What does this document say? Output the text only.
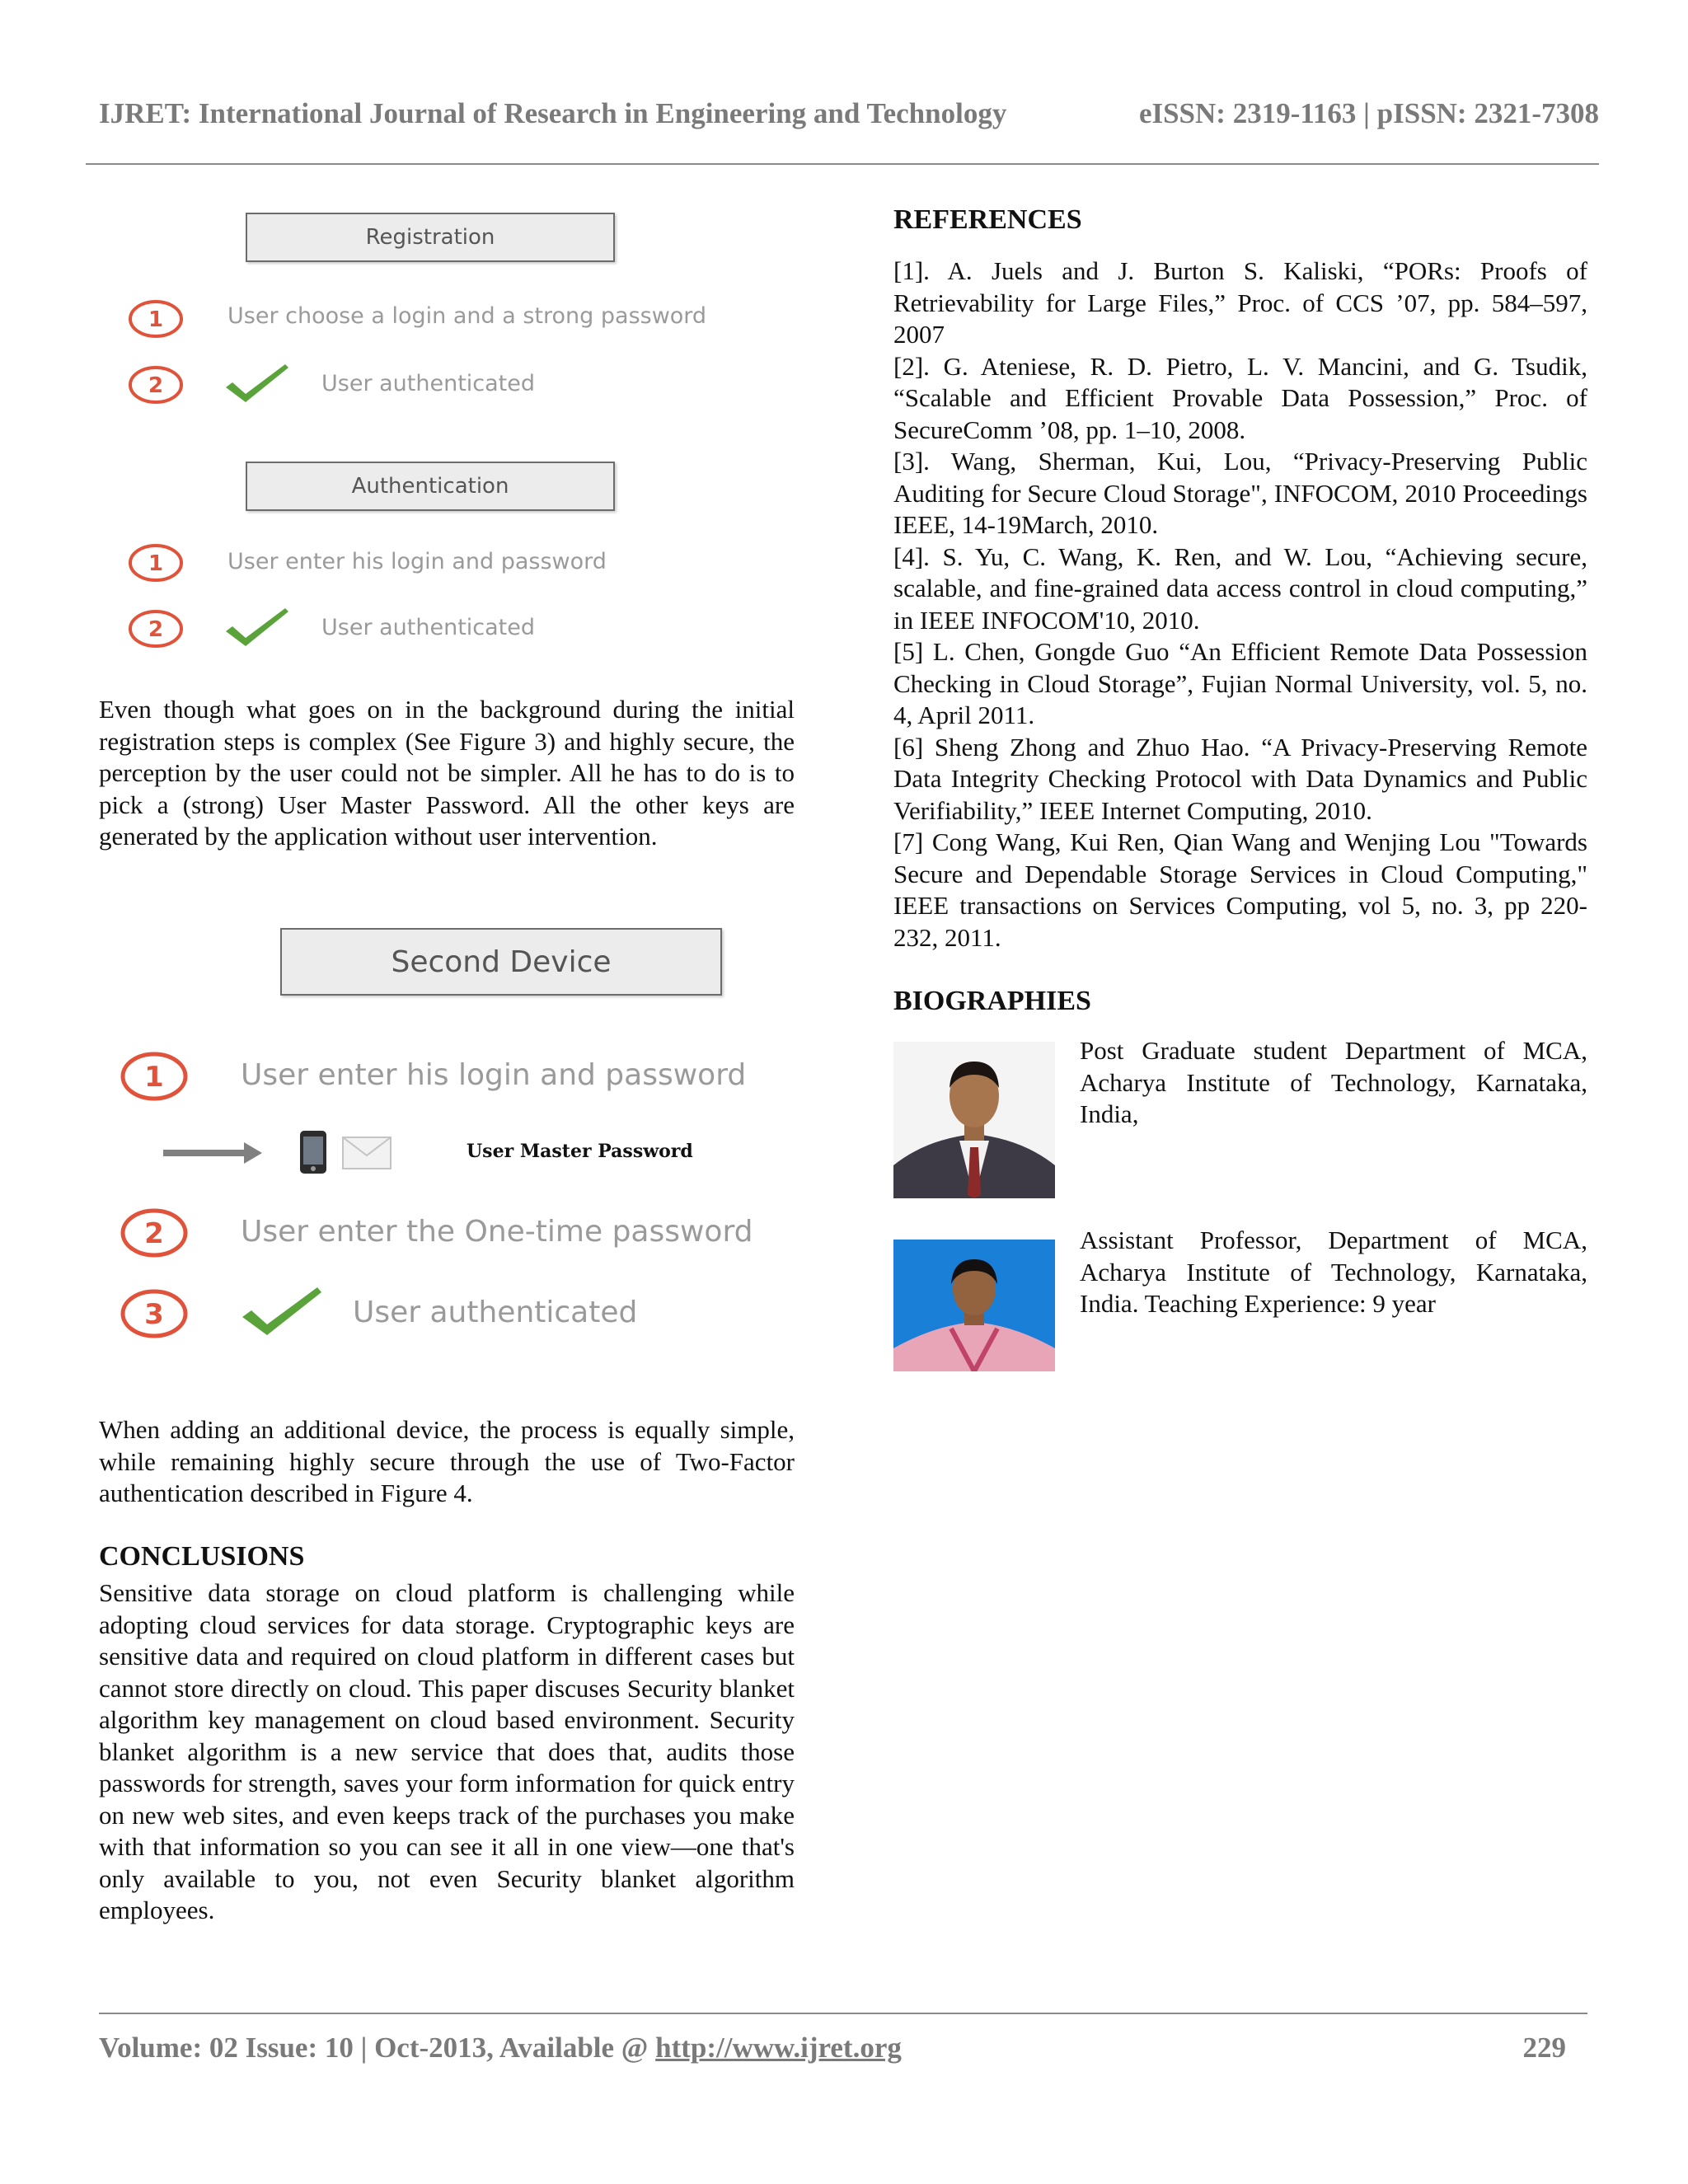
IJRET: International Journal of Research in Engineering and Technology	eISSN: 2319-1163 | pISSN: 2321-7308
Registration
1	User choose a login and a strong password
2	User authenticated
Authentication
1	User enter his login and password
2	User authenticated
Even though what goes on in the background during the initial registration steps is complex (See Figure 3) and highly secure, the perception by the user could not be simpler. All he has to do is to pick a (strong) User Master Password. All the other keys are generated by the application without user intervention.
Second Device
1	User enter his login and password
User Master Password
2	User enter the One-time password
3	User authenticated
When adding an additional device, the process is equally simple, while remaining highly secure through the use of Two-Factor authentication described in Figure 4.
CONCLUSIONS
Sensitive data storage on cloud platform is challenging while adopting cloud services for data storage. Cryptographic keys are sensitive data and required on cloud platform in different cases but cannot store directly on cloud. This paper discuses Security blanket algorithm key management on cloud based environment. Security blanket algorithm is a new service that does that, audits those passwords for strength, saves your form information for quick entry on new web sites, and even keeps track of the purchases you make with that information so you can see it all in one view—one that's only available to you, not even Security blanket algorithm employees.
REFERENCES

[1]. A. Juels and J. Burton S. Kaliski, “PORs: Proofs of Retrievability for Large Files,” Proc. of CCS ’07, pp. 584–597, 2007

[2]. G. Ateniese, R. D. Pietro, L. V. Mancini, and G. Tsudik, “Scalable and Efficient Provable Data Possession,” Proc. of SecureComm ’08, pp. 1–10, 2008.

[3]. Wang, Sherman, Kui, Lou, “Privacy-Preserving Public Auditing for Secure Cloud Storage", INFOCOM, 2010 Proceedings IEEE, 14-19March, 2010.

[4]. S. Yu, C. Wang, K. Ren, and W. Lou, “Achieving secure, scalable, and fine-grained data access control in cloud computing,” in IEEE INFOCOM'10, 2010.

[5] L. Chen, Gongde Guo “An Efficient Remote Data Possession Checking in Cloud Storage”, Fujian Normal University, vol. 5, no. 4, April 2011.

[6] Sheng Zhong and Zhuo Hao. “A Privacy-Preserving Remote Data Integrity Checking Protocol with Data Dynamics and Public Verifiability,” IEEE Internet Computing, 2010.

[7] Cong Wang, Kui Ren, Qian Wang and Wenjing Lou "Towards Secure and Dependable Storage Services in Cloud Computing," IEEE transactions on Services Computing, vol 5, no. 3, pp 220-232, 2011.

BIOGRAPHIES
Post Graduate student Department of MCA, Acharya Institute of Technology, Karnataka, India,
Assistant Professor, Department of MCA, Acharya Institute of Technology, Karnataka, India. Teaching Experience: 9 year
Volume: 02 Issue: 10 | Oct-2013, Available @ http://www.ijret.org	229
